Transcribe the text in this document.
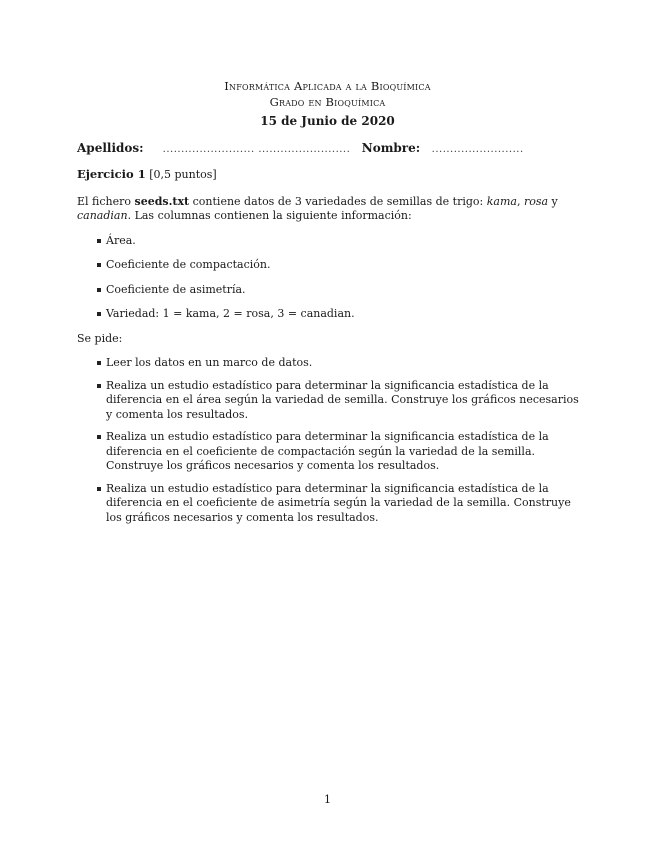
Informática Aplicada a la Bioquímica
Grado en Bioquímica
15 de Junio de 2020
Apellidos: ......................... ......................... Nombre: .........................
Ejercicio 1 [0,5 puntos]

El fichero seeds.txt contiene datos de 3 variedades de semillas de trigo: kama, rosa y canadian. Las columnas contienen la siguiente información:

Área.
Coeficiente de compactación.
Coeficiente de asimetría.
Variedad: 1 = kama, 2 = rosa, 3 = canadian.

Se pide:

Leer los datos en un marco de datos.
Realiza un estudio estadístico para determinar la significancia estadística de la diferencia en el área según la variedad de semilla. Construye los gráficos necesarios y comenta los resultados.
Realiza un estudio estadístico para determinar la significancia estadística de la diferencia en el coeficiente de compactación según la variedad de la semilla. Construye los gráficos necesarios y comenta los resultados.
Realiza un estudio estadístico para determinar la significancia estadística de la diferencia en el coeficiente de asimetría según la variedad de la semilla. Construye los gráficos necesarios y comenta los resultados.
1
